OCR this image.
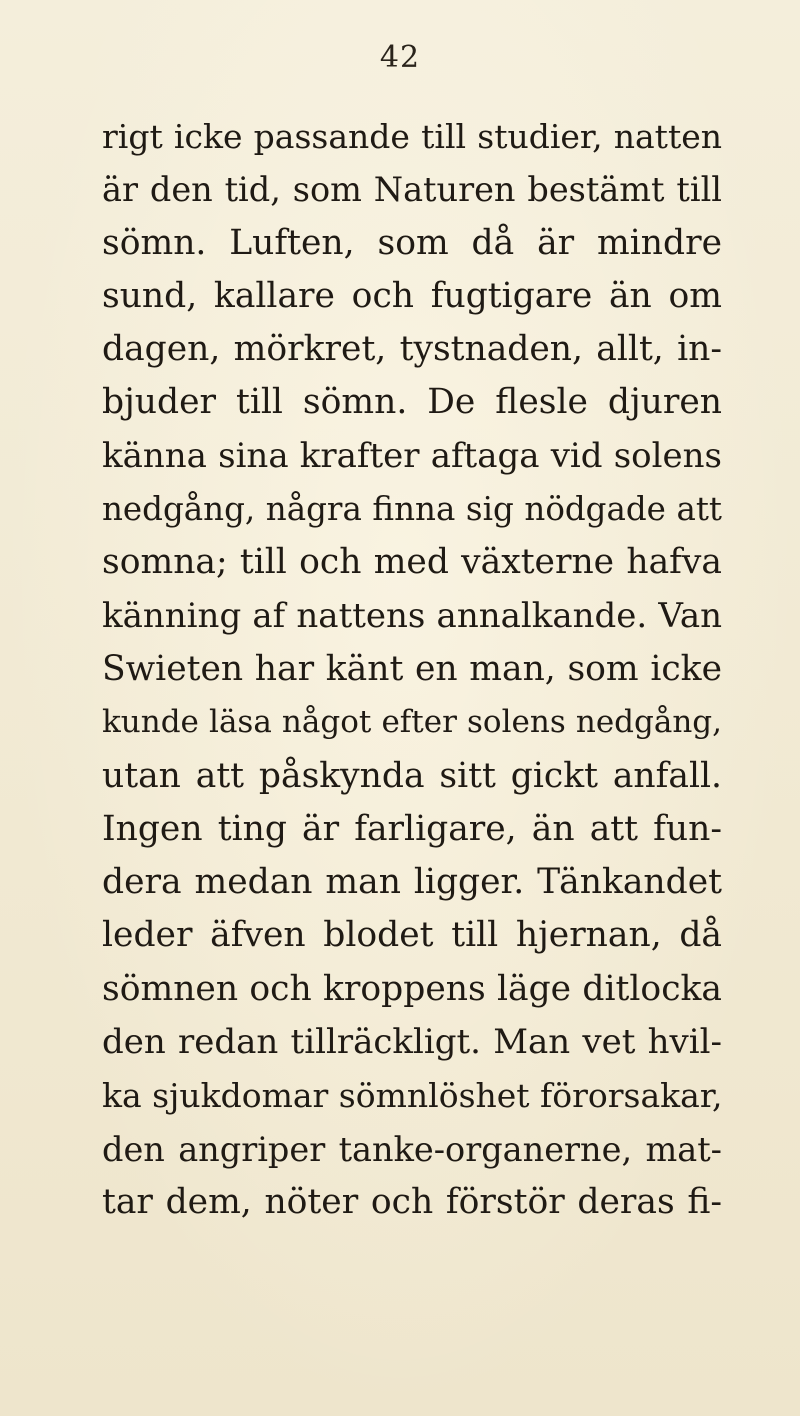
42
rigt icke passande till studier, natten
är den tid, som Naturen bestämt till
sömn. Luften, som då är mindre
sund, kallare och fugtigare än om
dagen, mörkret, tystnaden, allt, in-
bjuder till sömn. De flesle djuren
känna sina krafter aftaga vid solens
nedgång, några finna sig nödgade att
somna; till och med växterne hafva
känning af nattens annalkande. Van
Swieten har känt en man, som icke
kunde läsa något efter solens nedgång,
utan att påskynda sitt gickt anfall.
Ingen ting är farligare, än att fun-
dera medan man ligger. Tänkandet
leder äfven blodet till hjernan, då
sömnen och kroppens läge ditlocka
den redan tillräckligt. Man vet hvil-
ka sjukdomar sömnlöshet förorsakar,
den angriper tanke-organerne, mat-
tar dem, nöter och förstör deras fi-
